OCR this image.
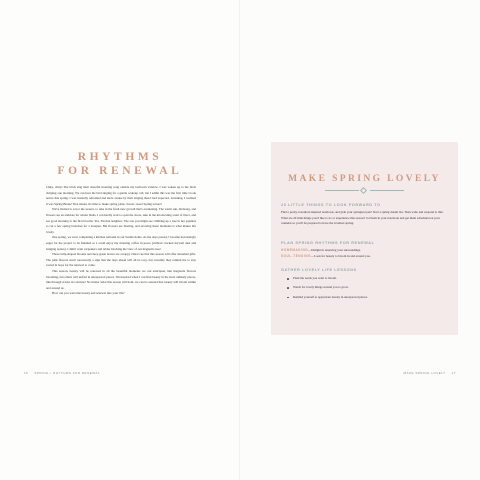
RHYTHMS
FOR RENEWAL

Chirp, chirp! The birds sing their cheerful morning song outside my bedroom window. I was woken up to the birds chirping one morning. We can hear the bird singing for a gentle wakeup call, but I admit this was the first time I took notice this spring. I was instantly refreshed and more awake by their singing than I had expected. Listening, I realized it was Spring Break! That means it's time to make spring plans. Sweet, sweet Spring is here!

We're invited to savor the season, to take in the fresh new growth that's awakening. The warm sun, birdsong, and flowers are an antidote for winter blahs. I can hardly wait to open the doors, take in the intoxicating scent of lilacs, and see good morning to the first blooms. Yes, I'm that neighbor. The one you might see climbing up a tree in her pajamas to cut a few spring branches for a bouquet. But flowers are fleeting, and savoring these moments is what makes life lovely.

One spring, we were completing a kitchen remodel in our Seattle home. As the days passed, I became increasingly eager for the project to be finished so I could enjoy my morning coffee in peace (without cracked drywall dust and banging noises). I didn't want carpenters and tables blocking the view of our magnolia tree!

Those tulip-shaped blooms and deep green leaves are a happy visual cue that this season will offer abundant gifts. The pink flowers aren't necessarily a sign that the days ahead will all be rosy, but certainly they remind me to stay rooted in hope for the renewal to come.

This season, beauty will be renewed in all the beautiful moments we can anticipate, like magnolia flowers blooming, but others will unfold in unexpected places. I'm inspired when I can find beauty in the most unlikely places, like through cracks in concrete! No matter what this season will hold, we can be assured that beauty will bloom within and around us.

How can you welcome beauty and renewal into your life?

16 SPRING • RHYTHMS FOR RENEWAL	MAKE SPRING LOVELY 17
MAKE SPRING LOVELY
20 LITTLE THINGS TO LOOK FORWARD TO

Find a pretty, botanical-inspired notebook, and grab your springiest pen! Start a spring dream list. Then write and respond to this: What are 20 little things you'd like to do or experience this season? Jot them in your notebook and get them scheduled on your calendar so you'll be prepared to have the loveliest spring.

PLAN SPRING RHYTHMS FOR RENEWAL
HOMEMAKING—Delight in renewing your surroundings.
SOUL-TENDING—Look for beauty to bloom in and around you.
GATHER LOVELY LIFE LESSONS
Plant the seeds you want to bloom.
Watch for lovely things around you to grow.
Remind yourself to appreciate beauty in unexpected places.
